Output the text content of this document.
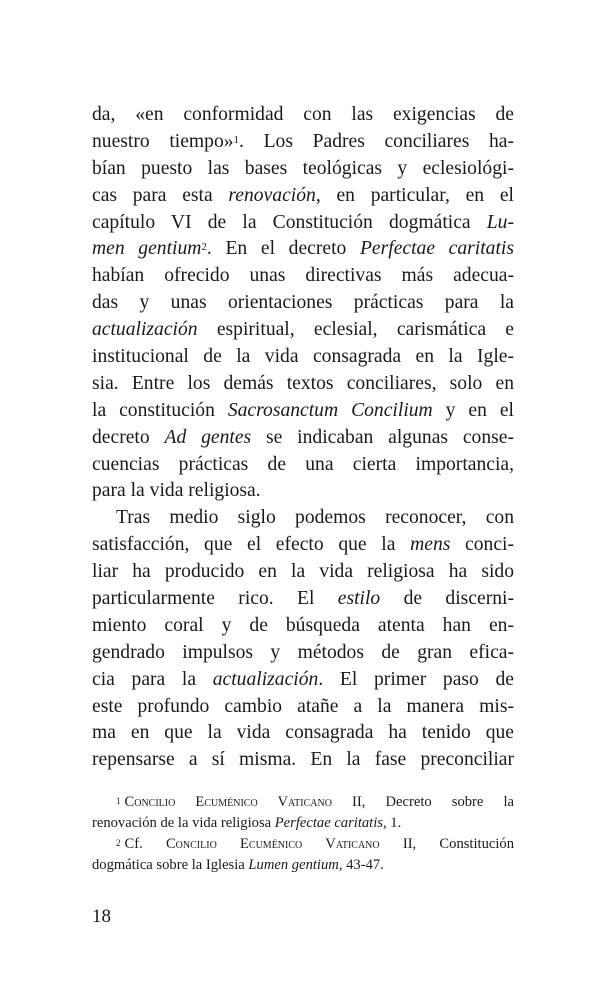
da, «en conformidad con las exigencias de
nuestro tiempo»$^1$. Los Padres conciliares ha-
bían puesto las bases teológicas y eclesiológi-
cas para esta renovación, en particular, en el
capítulo VI de la Constitución dogmática Lu-
men gentium$^2$. En el decreto Perfectae caritatis
habían ofrecido unas directivas más adecua-
das y unas orientaciones prácticas para la
actualización espiritual, eclesial, carismática e
institucional de la vida consagrada en la Igle-
sia. Entre los demás textos conciliares, solo en
la constitución Sacrosanctum Concilium y en el
decreto Ad gentes se indicaban algunas conse-
cuencias prácticas de una cierta importancia,
para la vida religiosa.
Tras medio siglo podemos reconocer, con
satisfacción, que el efecto que la mens conci-
liar ha producido en la vida religiosa ha sido
particularmente rico. El estilo de discerni-
miento coral y de búsqueda atenta han en-
gendrado impulsos y métodos de gran efica-
cia para la actualización. El primer paso de
este profundo cambio atañe a la manera mis-
ma en que la vida consagrada ha tenido que
repensarse a sí misma. En la fase preconciliar
$^1$ Concilio Ecuménico Vaticano II, Decreto sobre la
renovación de la vida religiosa Perfectae caritatis, 1.
$^2$ Cf. Concilio Ecuménico Vaticano II, Constitución
dogmática sobre la Iglesia Lumen gentium, 43-47.
18
